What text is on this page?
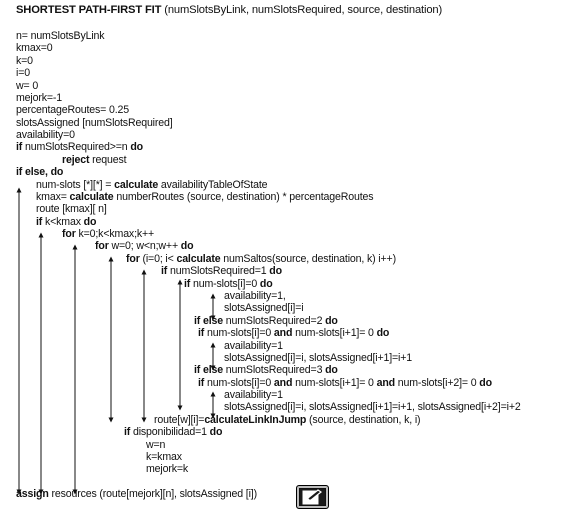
SHORTEST PATH-FIRST FIT (numSlotsByLink, numSlotsRequired, source, destination)
n= numSlotsByLink
kmax=0
k=0
i=0
w= 0
mejork=-1
percentageRoutes= 0.25
slotsAssigned [numSlotsRequired]
availability=0
if numSlotsRequired>=n do
reject request
if else, do
num-slots [*][*] = calculate availabilityTableOfState
kmax= calculate numberRoutes (source, destination) * percentageRoutes
route [kmax][ n]
if k<kmax do
for k=0;k<kmax;k++
for w=0; w<n;w++ do
for (i=0; i< calculate numSaltos(source, destination, k) i++)
if numSlotsRequired=1 do
if num-slots[i]=0 do
availability=1,
slotsAssigned[i]=i
if else numSlotsRequired=2 do
if num-slots[i]=0 and num-slots[i+1]= 0 do
availability=1
slotsAssigned[i]=i, slotsAssigned[i+1]=i+1
if else numSlotsRequired=3 do
if num-slots[i]=0 and num-slots[i+1]= 0 and num-slots[i+2]= 0 do
availability=1
slotsAssigned[i]=i, slotsAssigned[i+1]=i+1, slotsAssigned[i+2]=i+2
route[w][i]=calculateLinkInJump (source, destination, k, i)
if disponibilidad=1 do
w=n
k=kmax
mejork=k
assign resources (route[mejork][n], slotsAssigned [i])
